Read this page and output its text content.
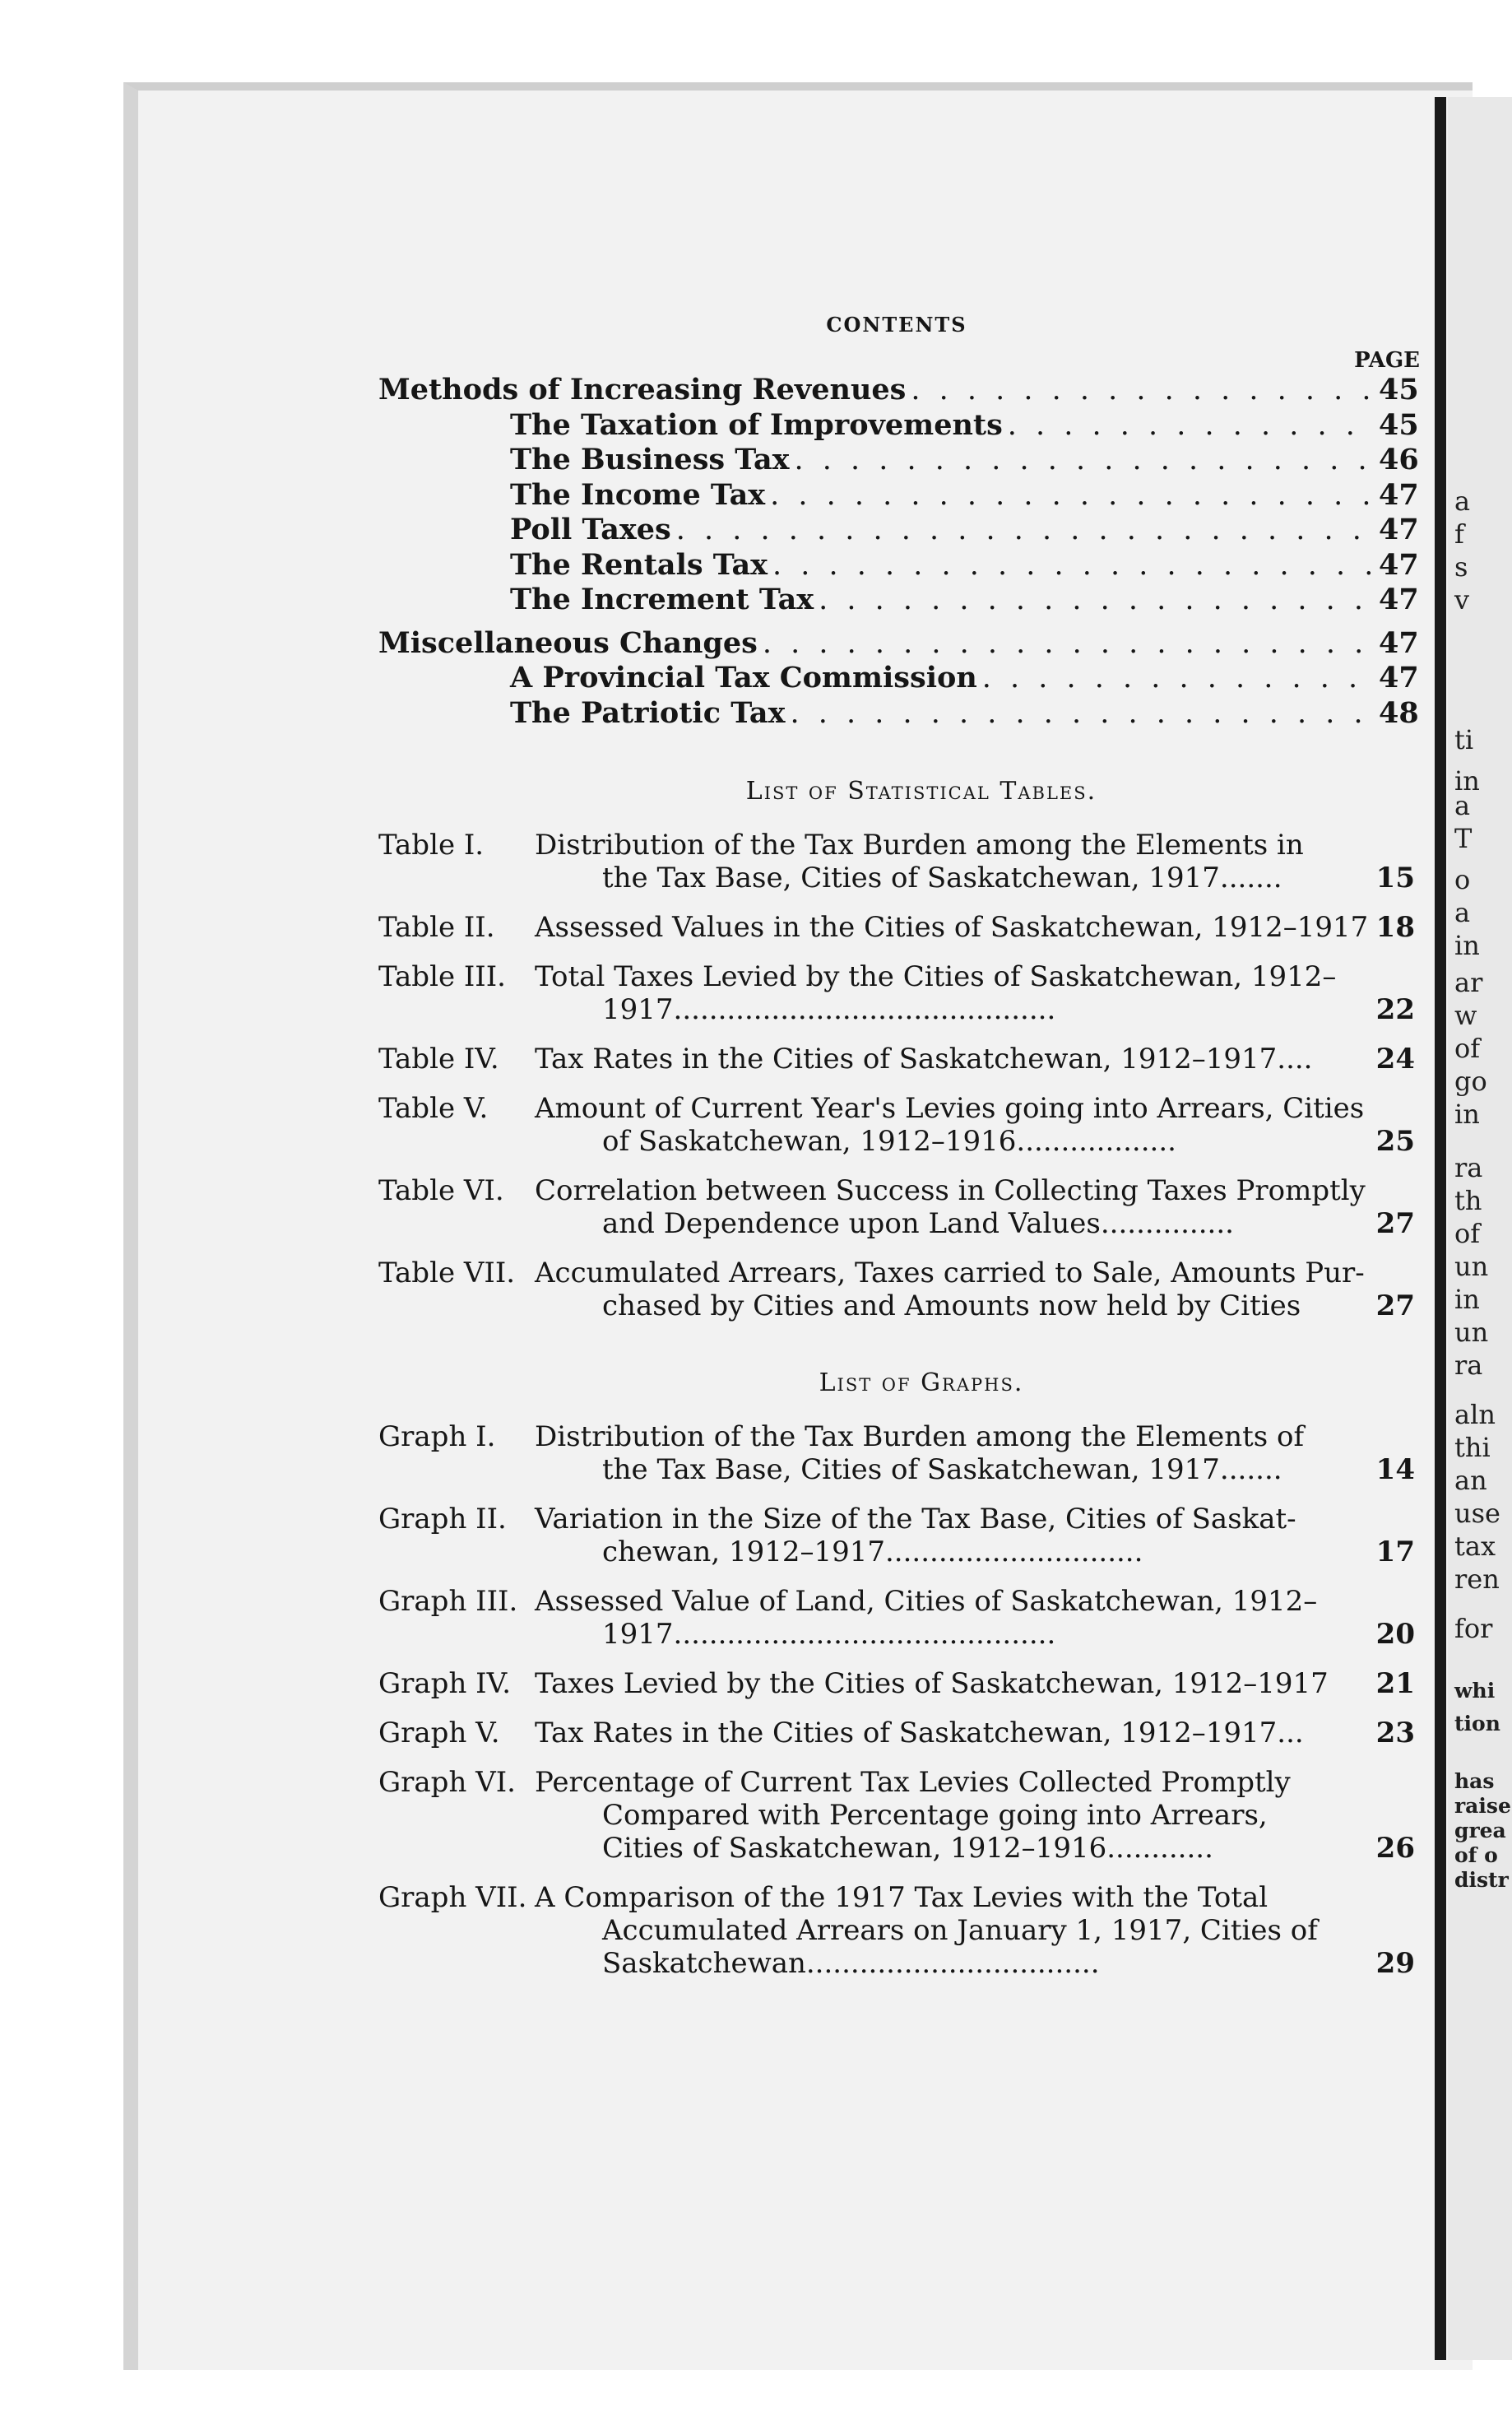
a
f
s
v
ti
in
a
T
o
a
in
ar
w
of
go
in
ra
th
of
un
in
un
ra
aln
thi
an
use
tax
ren
for
whi
tion
has
raise
grea
of o
distr
CONTENTS
PAGE
Methods of Increasing Revenues . . .	45
The Taxation of Improvements . . .	45
The Business Tax . . .	46
The Income Tax . . .	47
Poll Taxes . . .	47
The Rentals Tax . . .	47
The Increment Tax . . .	47
Miscellaneous Changes . . .	47
A Provincial Tax Commission . . .	47
The Patriotic Tax . . .	48
List of Statistical Tables.
Table I.	Distribution of the Tax Burden among the Elements in
the Tax Base, Cities of Saskatchewan, 1917.......	15
Table II.	Assessed Values in the Cities of Saskatchewan, 1912–1917 18
Table III.	Total Taxes Levied by the Cities of Saskatchewan, 1912–
1917...........................................	22
Table IV.	Tax Rates in the Cities of Saskatchewan, 1912–1917....	24
Table V.	Amount of Current Year's Levies going into Arrears, Cities
of Saskatchewan, 1912–1916..................	25
Table VI.	Correlation between Success in Collecting Taxes Promptly
and Dependence upon Land Values...............	27
Table VII. Accumulated Arrears, Taxes carried to Sale, Amounts Pur-
chased by Cities and Amounts now held by Cities	27
List of Graphs.
Graph I.	Distribution of the Tax Burden among the Elements of
the Tax Base, Cities of Saskatchewan, 1917.......	14
Graph II.	Variation in the Size of the Tax Base, Cities of Saskat-
chewan, 1912–1917.............................	17
Graph III. Assessed Value of Land, Cities of Saskatchewan, 1912–
1917...........................................	20
Graph IV. Taxes Levied by the Cities of Saskatchewan, 1912–1917	21
Graph V.	Tax Rates in the Cities of Saskatchewan, 1912–1917...	23
Graph VI. Percentage of Current Tax Levies Collected Promptly
Compared with Percentage going into Arrears,
Cities of Saskatchewan, 1912–1916............	26
Graph VII. A Comparison of the 1917 Tax Levies with the Total
Accumulated Arrears on January 1, 1917, Cities of
Saskatchewan.................................	29
